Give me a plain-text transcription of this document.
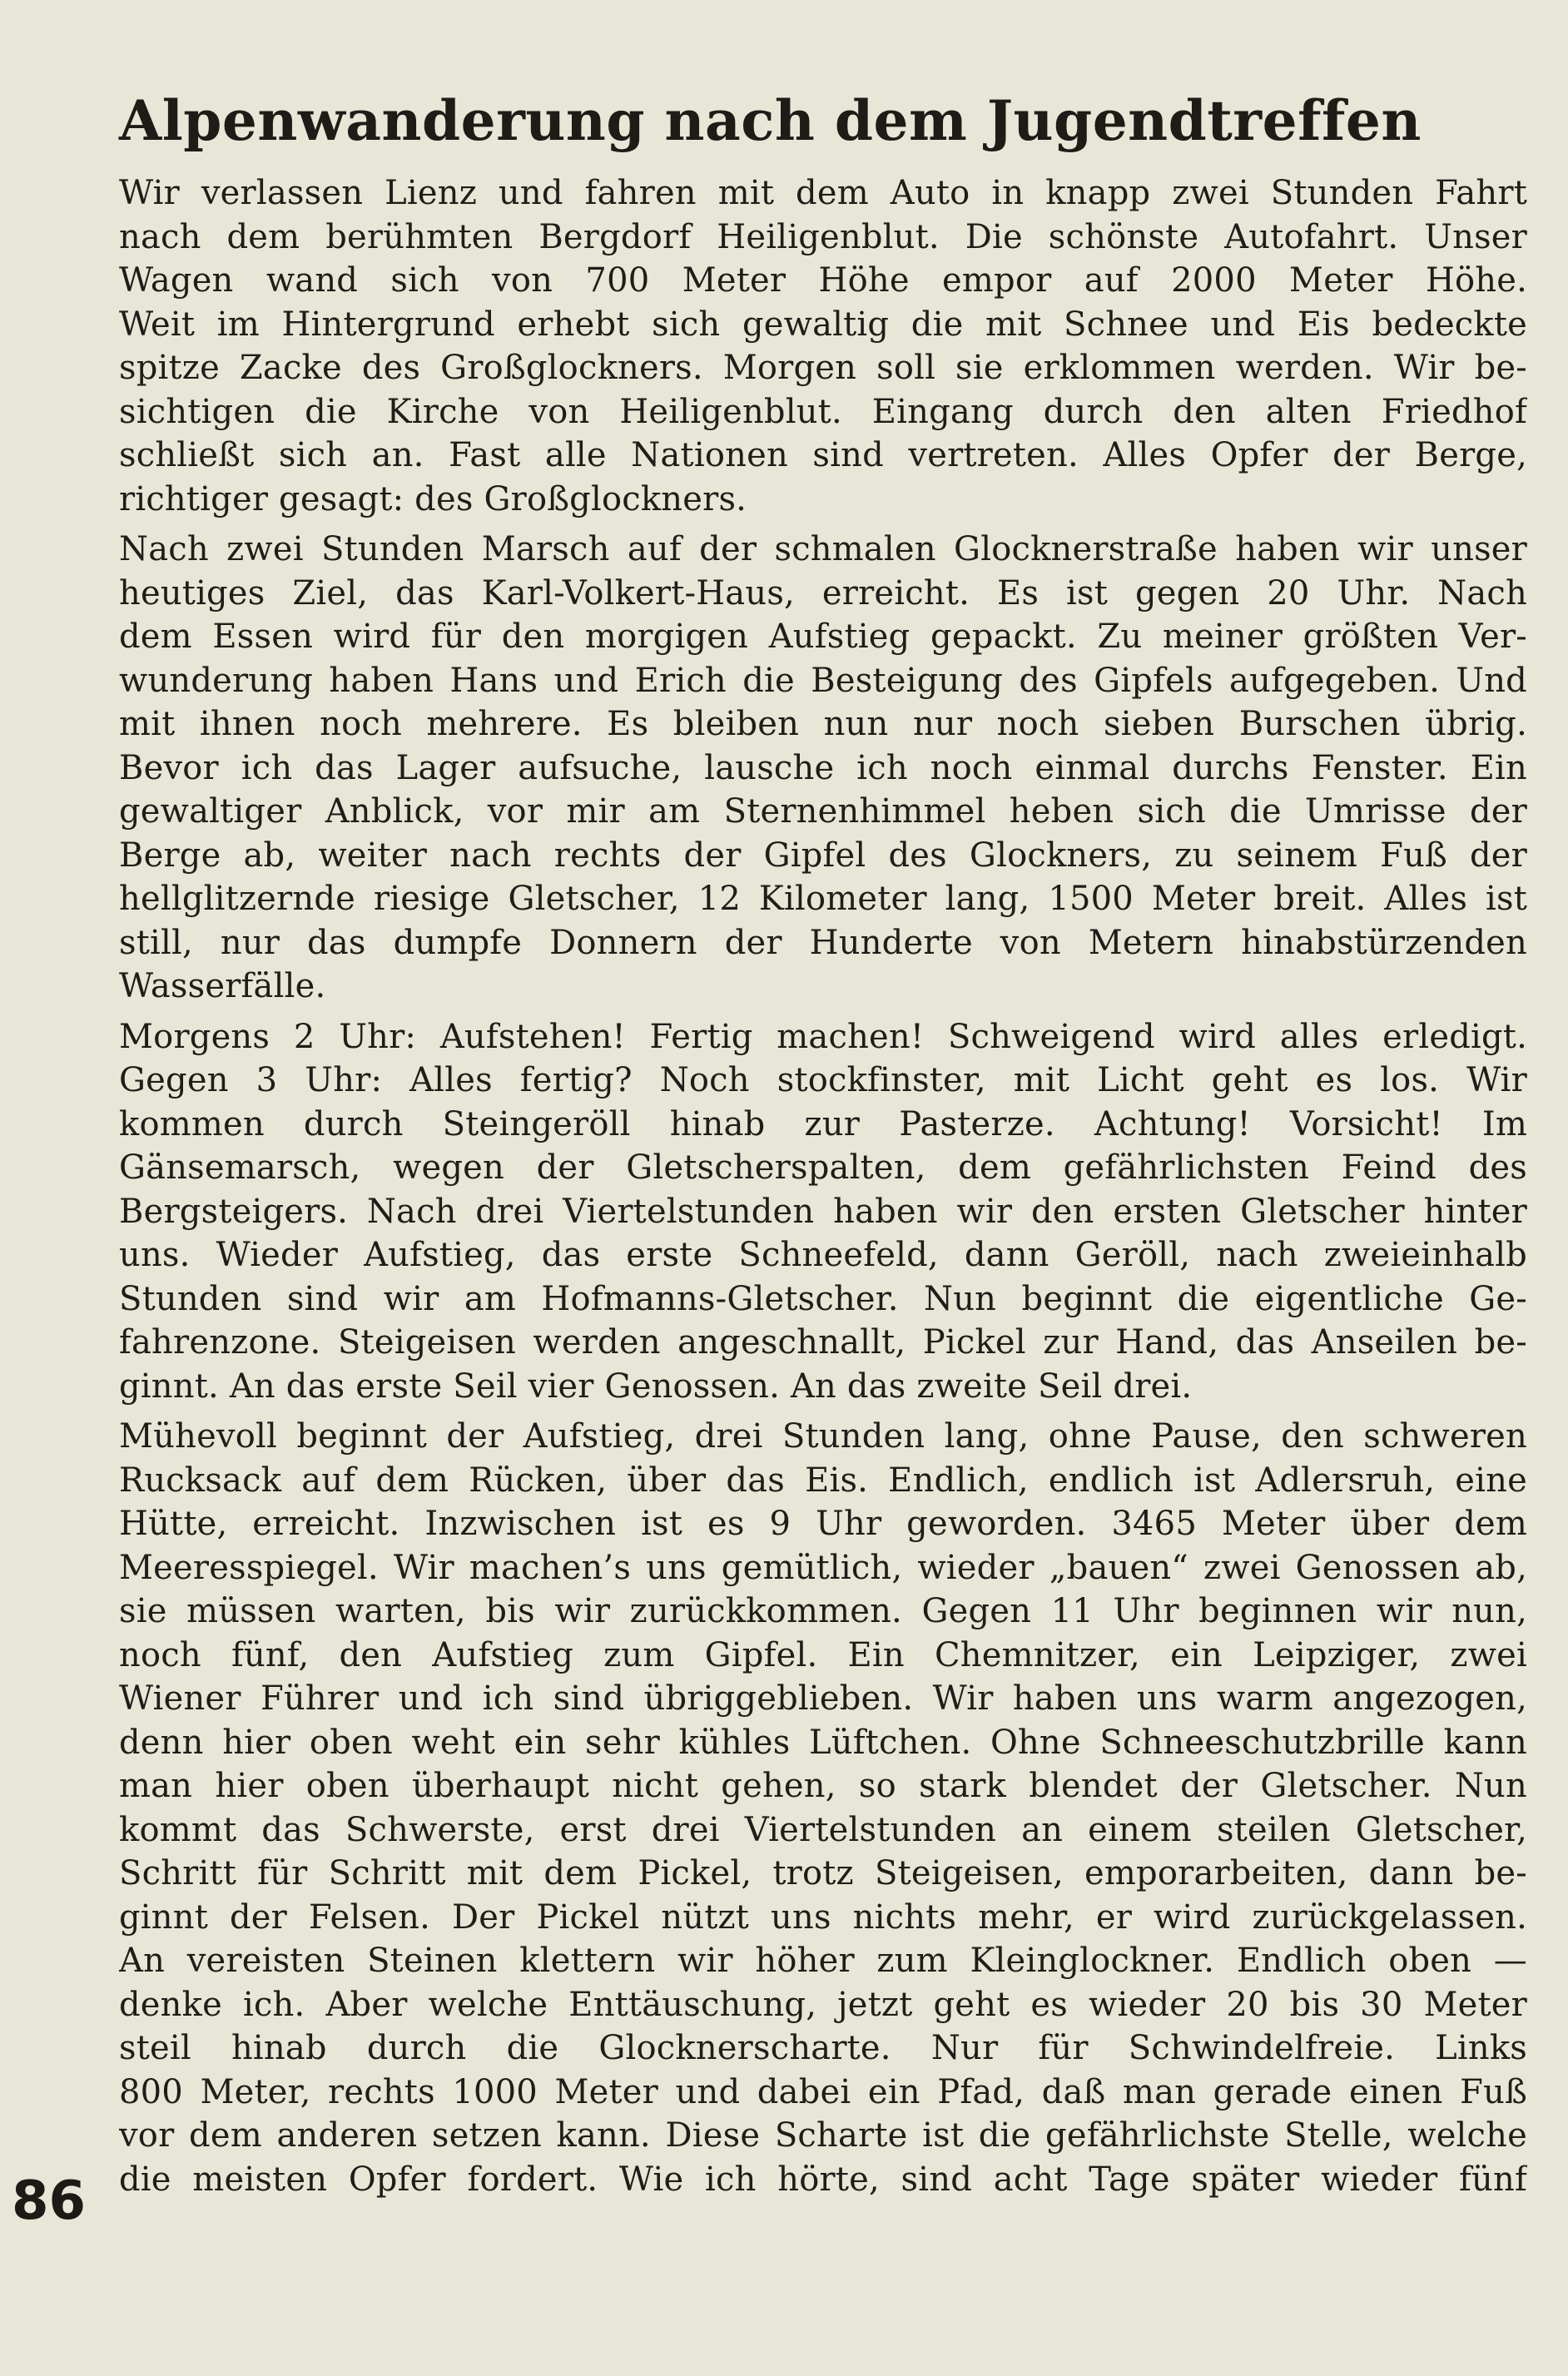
Alpenwanderung nach dem Jugendtreffen
Wir verlassen Lienz und fahren mit dem Auto in knapp zwei Stunden Fahrt
nach dem berühmten Bergdorf Heiligenblut. Die schönste Autofahrt. Unser
Wagen wand sich von 700 Meter Höhe empor auf 2000 Meter Höhe.
Weit im Hintergrund erhebt sich gewaltig die mit Schnee und Eis bedeckte
spitze Zacke des Großglockners. Morgen soll sie erklommen werden. Wir be-
sichtigen die Kirche von Heiligenblut. Eingang durch den alten Friedhof
schließt sich an. Fast alle Nationen sind vertreten. Alles Opfer der Berge,
richtiger gesagt: des Großglockners.
Nach zwei Stunden Marsch auf der schmalen Glocknerstraße haben wir unser
heutiges Ziel, das Karl-Volkert-Haus, erreicht. Es ist gegen 20 Uhr. Nach
dem Essen wird für den morgigen Aufstieg gepackt. Zu meiner größten Ver-
wunderung haben Hans und Erich die Besteigung des Gipfels aufgegeben. Und
mit ihnen noch mehrere. Es bleiben nun nur noch sieben Burschen übrig.
Bevor ich das Lager aufsuche, lausche ich noch einmal durchs Fenster. Ein
gewaltiger Anblick, vor mir am Sternenhimmel heben sich die Umrisse der
Berge ab, weiter nach rechts der Gipfel des Glockners, zu seinem Fuß der
hellglitzernde riesige Gletscher, 12 Kilometer lang, 1500 Meter breit. Alles ist
still, nur das dumpfe Donnern der Hunderte von Metern hinabstürzenden
Wasserfälle.
Morgens 2 Uhr: Aufstehen! Fertig machen! Schweigend wird alles erledigt.
Gegen 3 Uhr: Alles fertig? Noch stockfinster, mit Licht geht es los. Wir
kommen durch Steingeröll hinab zur Pasterze. Achtung! Vorsicht! Im
Gänsemarsch, wegen der Gletscherspalten, dem gefährlichsten Feind des
Bergsteigers. Nach drei Viertelstunden haben wir den ersten Gletscher hinter
uns. Wieder Aufstieg, das erste Schneefeld, dann Geröll, nach zweieinhalb
Stunden sind wir am Hofmanns-Gletscher. Nun beginnt die eigentliche Ge-
fahrenzone. Steigeisen werden angeschnallt, Pickel zur Hand, das Anseilen be-
ginnt. An das erste Seil vier Genossen. An das zweite Seil drei.
Mühevoll beginnt der Aufstieg, drei Stunden lang, ohne Pause, den schweren
Rucksack auf dem Rücken, über das Eis. Endlich, endlich ist Adlersruh, eine
Hütte, erreicht. Inzwischen ist es 9 Uhr geworden. 3465 Meter über dem
Meeresspiegel. Wir machen’s uns gemütlich, wieder „bauen“ zwei Genossen ab,
sie müssen warten, bis wir zurückkommen. Gegen 11 Uhr beginnen wir nun,
noch fünf, den Aufstieg zum Gipfel. Ein Chemnitzer, ein Leipziger, zwei
Wiener Führer und ich sind übriggeblieben. Wir haben uns warm angezogen,
denn hier oben weht ein sehr kühles Lüftchen. Ohne Schneeschutzbrille kann
man hier oben überhaupt nicht gehen, so stark blendet der Gletscher. Nun
kommt das Schwerste, erst drei Viertelstunden an einem steilen Gletscher,
Schritt für Schritt mit dem Pickel, trotz Steigeisen, emporarbeiten, dann be-
ginnt der Felsen. Der Pickel nützt uns nichts mehr, er wird zurückgelassen.
An vereisten Steinen klettern wir höher zum Kleinglockner. Endlich oben —
denke ich. Aber welche Enttäuschung, jetzt geht es wieder 20 bis 30 Meter
steil hinab durch die Glocknerscharte. Nur für Schwindelfreie. Links
800 Meter, rechts 1000 Meter und dabei ein Pfad, daß man gerade einen Fuß
vor dem anderen setzen kann. Diese Scharte ist die gefährlichste Stelle, welche
die meisten Opfer fordert. Wie ich hörte, sind acht Tage später wieder fünf
86
